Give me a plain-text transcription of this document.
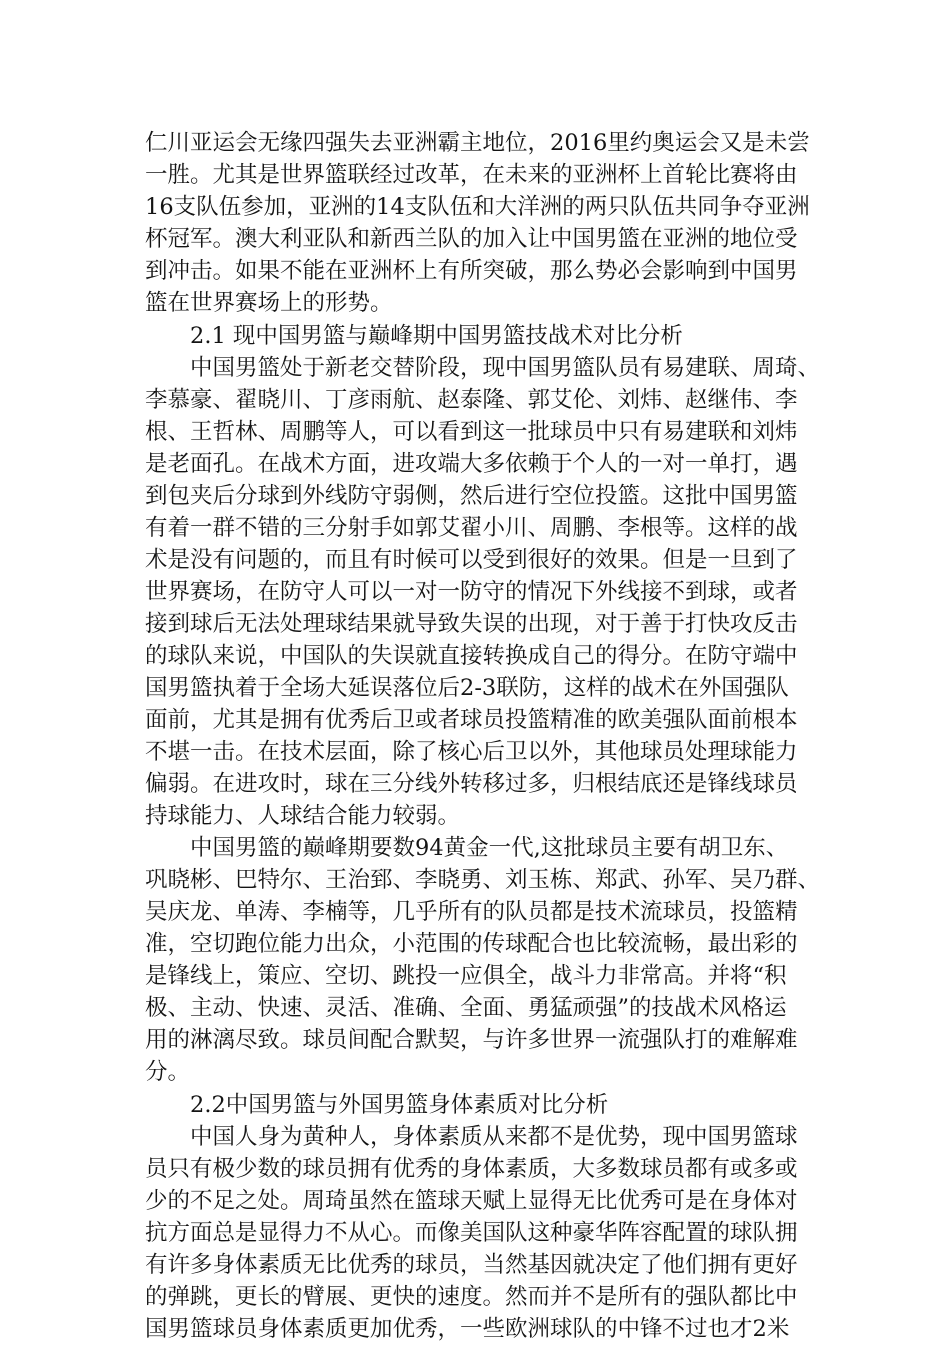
仁川亚运会无缘四强失去亚洲霸主地位，2016里约奥运会又是未尝
一胜。尤其是世界篮联经过改革，在未来的亚洲杯上首轮比赛将由
16支队伍参加，亚洲的14支队伍和大洋洲的两只队伍共同争夺亚洲
杯冠军。澳大利亚队和新西兰队的加入让中国男篮在亚洲的地位受
到冲击。如果不能在亚洲杯上有所突破，那么势必会影响到中国男
篮在世界赛场上的形势。
2.1 现中国男篮与巅峰期中国男篮技战术对比分析
中国男篮处于新老交替阶段，现中国男篮队员有易建联、周琦、
李慕豪、翟晓川、丁彦雨航、赵泰隆、郭艾伦、刘炜、赵继伟、李
根、王哲林、周鹏等人，可以看到这一批球员中只有易建联和刘炜
是老面孔。在战术方面，进攻端大多依赖于个人的一对一单打，遇
到包夹后分球到外线防守弱侧，然后进行空位投篮。这批中国男篮
有着一群不错的三分射手如郭艾翟小川、周鹏、李根等。这样的战
术是没有问题的，而且有时候可以受到很好的效果。但是一旦到了
世界赛场，在防守人可以一对一防守的情况下外线接不到球，或者
接到球后无法处理球结果就导致失误的出现，对于善于打快攻反击
的球队来说，中国队的失误就直接转换成自己的得分。在防守端中
国男篮执着于全场大延误落位后2-3联防，这样的战术在外国强队
面前，尤其是拥有优秀后卫或者球员投篮精准的欧美强队面前根本
不堪一击。在技术层面，除了核心后卫以外，其他球员处理球能力
偏弱。在进攻时，球在三分线外转移过多，归根结底还是锋线球员
持球能力、人球结合能力较弱。
中国男篮的巅峰期要数94黄金一代,这批球员主要有胡卫东、
巩晓彬、巴特尔、王治郅、李晓勇、刘玉栋、郑武、孙军、吴乃群、
吴庆龙、单涛、李楠等，几乎所有的队员都是技术流球员，投篮精
准，空切跑位能力出众，小范围的传球配合也比较流畅，最出彩的
是锋线上，策应、空切、跳投一应俱全，战斗力非常高。并将“积
极、主动、快速、灵活、准确、全面、勇猛顽强”的技战术风格运
用的淋漓尽致。球员间配合默契，与许多世界一流强队打的难解难
分。
2.2中国男篮与外国男篮身体素质对比分析
中国人身为黄种人，身体素质从来都不是优势，现中国男篮球
员只有极少数的球员拥有优秀的身体素质，大多数球员都有或多或
少的不足之处。周琦虽然在篮球天赋上显得无比优秀可是在身体对
抗方面总是显得力不从心。而像美国队这种豪华阵容配置的球队拥
有许多身体素质无比优秀的球员，当然基因就决定了他们拥有更好
的弹跳，更长的臂展、更快的速度。然而并不是所有的强队都比中
国男篮球员身体素质更加优秀，一些欧洲球队的中锋不过也才2米
